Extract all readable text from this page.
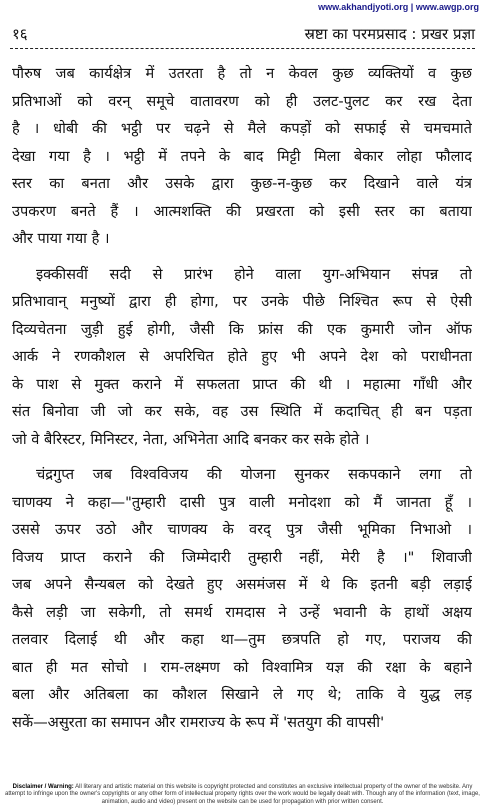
www.akhandjyoti.org | www.awgp.org
१६	स्रष्टा का परमप्रसाद : प्रखर प्रज्ञा
पौरुष जब कार्यक्षेत्र में उतरता है तो न केवल कुछ व्यक्तियों व कुछ
प्रतिभाओं को वरन् समूचे वातावरण को ही उलट-पुलट कर रख देता
है । धोबी की भट्ठी पर चढ़ने से मैले कपड़ों को सफाई से चमचमाते
देखा गया है । भट्ठी में तपने के बाद मिट्टी मिला बेकार लोहा फौलाद
स्तर का बनता और उसके द्वारा कुछ-न-कुछ कर दिखाने वाले यंत्र
उपकरण बनते हैं । आत्मशक्ति की प्रखरता को इसी स्तर का बताया
और पाया गया है ।
इक्कीसवीं सदी से प्रारंभ होने वाला युग-अभियान संपन्न तो
प्रतिभावान् मनुष्यों द्वारा ही होगा, पर उनके पीछे निश्चित रूप से ऐसी
दिव्यचेतना जुड़ी हुई होगी, जैसी कि फ्रांस की एक कुमारी जोन ऑफ
आर्क ने रणकौशल से अपरिचित होते हुए भी अपने देश को पराधीनता
के पाश से मुक्त कराने में सफलता प्राप्त की थी । महात्मा गाँधी और
संत बिनोवा जी जो कर सके, वह उस स्थिति में कदाचित् ही बन पड़ता
जो वे बैरिस्टर, मिनिस्टर, नेता, अभिनेता आदि बनकर कर सके होते ।
चंद्रगुप्त जब विश्वविजय की योजना सुनकर सकपकाने लगा तो
चाणक्य ने कहा—"तुम्हारी दासी पुत्र वाली मनोदशा को मैं जानता हूँ ।
उससे ऊपर उठो और चाणक्य के वरद् पुत्र जैसी भूमिका निभाओ ।
विजय प्राप्त कराने की जिम्मेदारी तुम्हारी नहीं, मेरी है ।" शिवाजी
जब अपने सैन्यबल को देखते हुए असमंजस में थे कि इतनी बड़ी लड़ाई
कैसे लड़ी जा सकेगी, तो समर्थ रामदास ने उन्हें भवानी के हाथों अक्षय
तलवार दिलाई थी और कहा था—तुम छत्रपति हो गए, पराजय की
बात ही मत सोचो । राम-लक्ष्मण को विश्वामित्र यज्ञ की रक्षा के बहाने
बला और अतिबला का कौशल सिखाने ले गए थे; ताकि वे युद्ध लड़
सकें—असुरता का समापन और रामराज्य के रूप में 'सतयुग की वापसी'
Disclaimer / Warning: All literary and artistic material on this website is copyright protected and constitutes an exclusive intellectual property of the owner of the website. Any attempt to infringe upon the owner's copyrights or any other form of intellectual property rights over the work would be legally dealt with. Though any of the information (text, image, animation, audio and video) present on the website can be used for propagation with prior written consent.
